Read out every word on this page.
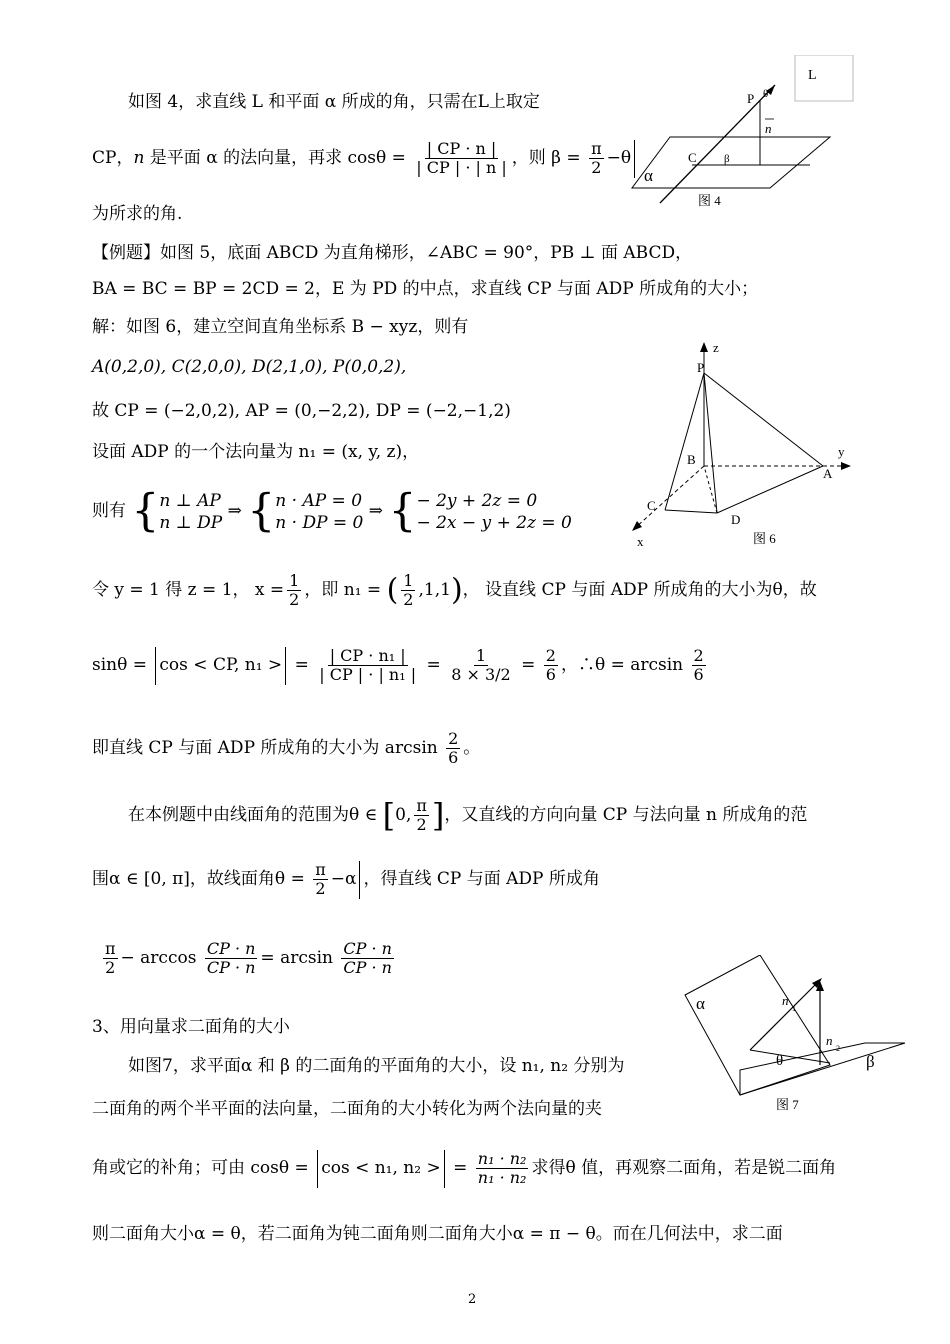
如图 4，求直线 L 和平面 α 所成的角，只需在L上取定
CP，n 是平面 α 的法向量，再求 $\cos\theta = \frac{| CP \cdot n |}{| CP | \cdot | n |}$ ，则 $\beta = \frac{\pi}{2} -\theta$
为所求的角.
L
P θ
n
C β
α
图 4
【例题】如图 5，底面 ABCD 为直角梯形，∠ABC = 90°，PB ⊥ 面 ABCD，
BA = BC = BP = 2CD = 2，E 为 PD 的中点，求直线 CP 与面 ADP 所成角的大小；
解：如图 6，建立空间直角坐标系 B − xyz，则有
A(0,2,0), C(2,0,0), D(2,1,0), P(0,0,2),
故 CP = (−2,0,2), AP = (0,−2,2), DP = (−2,−1,2)
设面 ADP 的一个法向量为 n₁ = (x, y, z)，
则有 { n ⊥ AP
n ⊥ DP
⇒ { n · AP = 0
n · DP = 0
⇒ { − 2y + 2z = 0
− 2x − y + 2z = 0
令 y = 1 得 z = 1， $x = \frac{1}{2}$ ，即 n₁ = ( $\frac{1}{2} ,1,1$)， 设直线 CP 与面 ADP 所成角的大小为θ，故
sinθ = cos < CP, n₁ > = $\frac{\text{| CP · n₁ |}}{\text{| CP | · | n₁ |}} = \frac{1}{8 \times 3/2} = \frac{2}{6}$ ，∴θ = $\arcsin \frac{2}{6}$
即直线 CP 与面 ADP 所成角的大小为 $\arcsin \frac{2}{6}$ 。
z
y
x
P
B
A
C
D
图 6
在本例题中由线面角的范围为θ ∈ [0, $\frac{\pi}{2}$ ]，又直线的方向向量 CP 与法向量 n 所成角的范
围α ∈ [0, π]，故线面角$\theta = \frac{\pi}{2} -\alpha$ ，得直线 CP 与面 ADP 所成角
$\frac{\pi}{2} - \arccos \frac{CP \cdot n}{CP \cdot n} = \arcsin \frac{CP \cdot n}{CP \cdot n}$
3、用向量求二面角的大小
如图7，求平面α 和 β 的二面角的平面角的大小，设 n₁, n₂ 分别为
二面角的两个半平面的法向量，二面角的大小转化为两个法向量的夹
角或它的补角；可由 cosθ = cos < n₁, n₂ > = $\frac{\text{n₁ · n₂}}{\text{n₁ · n₂}}$ 求得θ 值，再观察二面角，若是锐二面角
则二面角大小α = θ，若二面角为钝二面角则二面角大小α = π − θ。而在几何法中，求二面
α	n
1
n
2
θ	β
图 7
2
